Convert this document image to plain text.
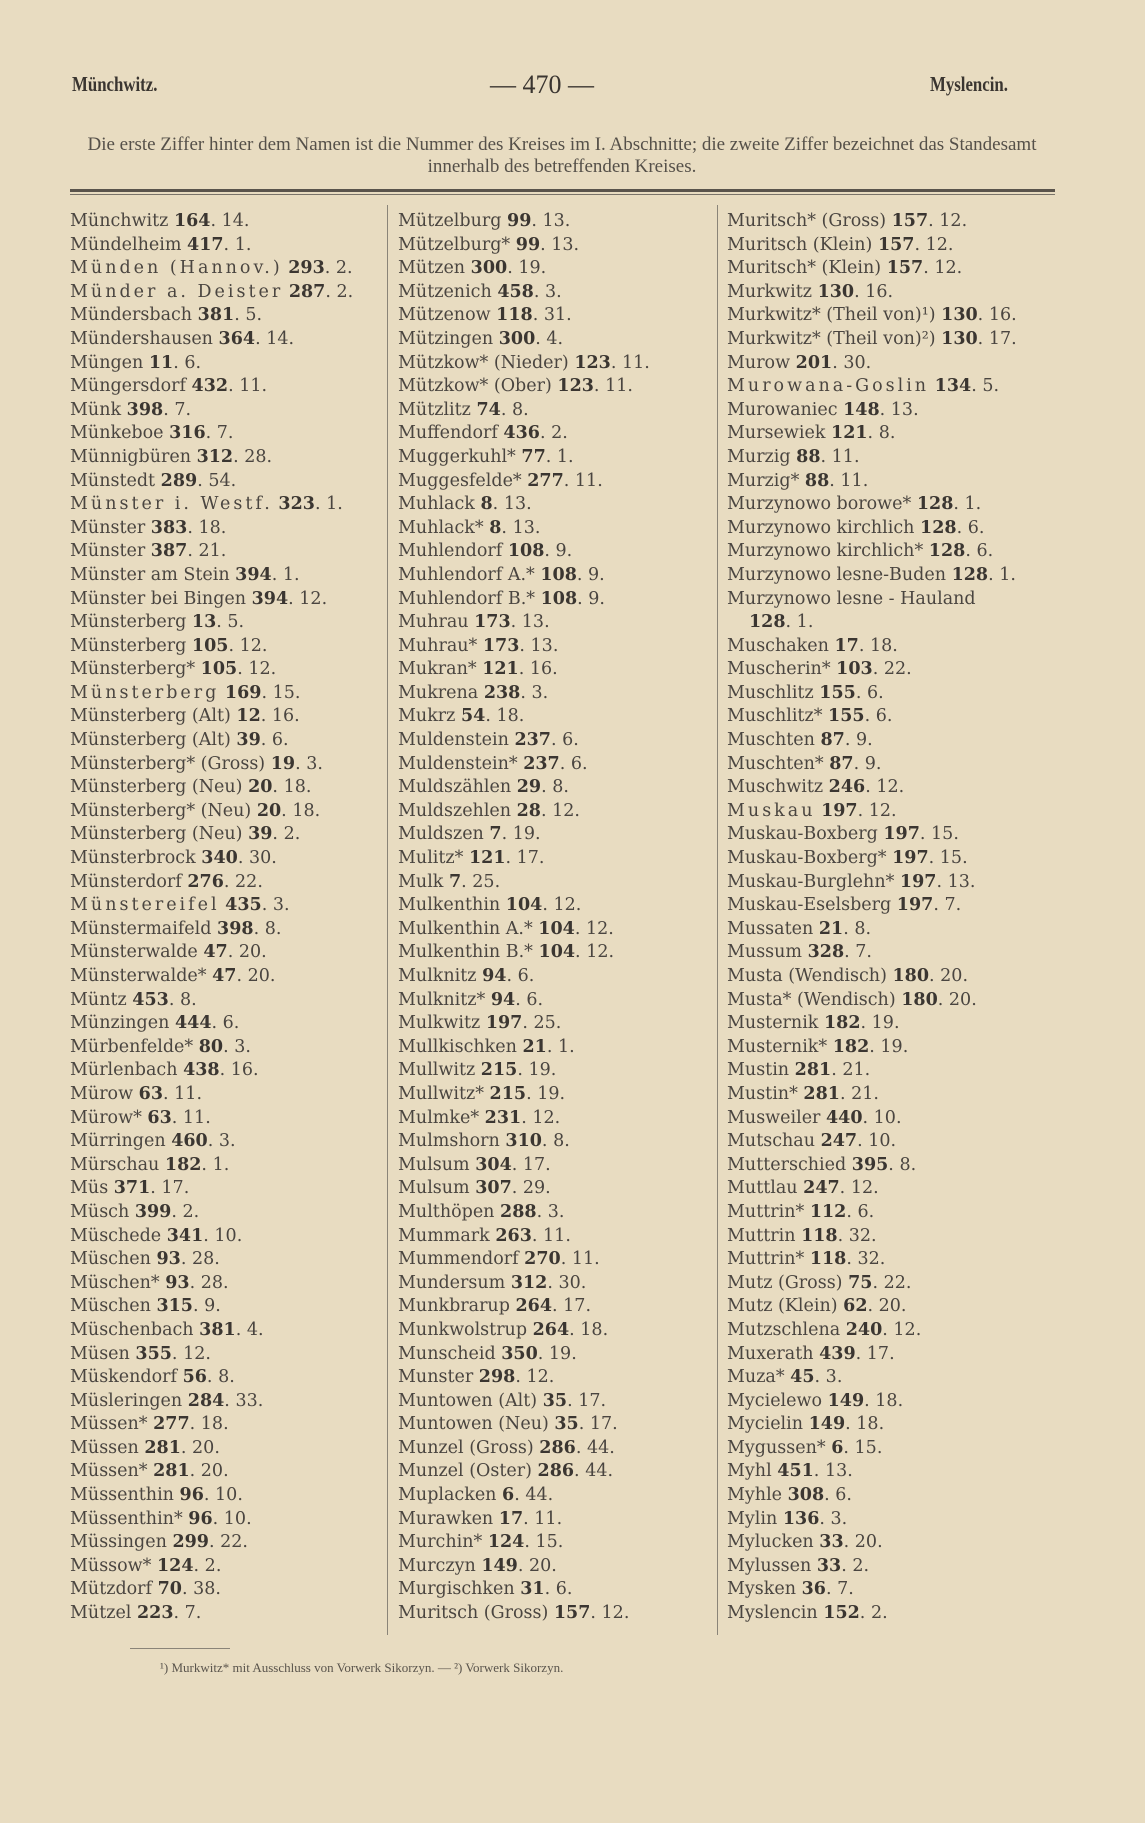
Münchwitz.	— 470 —	Myslencin.
Die erste Ziffer hinter dem Namen ist die Nummer des Kreises im I. Abschnitte; die zweite Ziffer bezeichnet das Standesamt innerhalb des betreffenden Kreises.
Münchwitz 164. 14.
Mündelheim 417. 1.
Münden (Hannov.) 293. 2.
Münder a. Deister 287. 2.
Mündersbach 381. 5.
Mündershausen 364. 14.
Müngen 11. 6.
Müngersdorf 432. 11.
Münk 398. 7.
Münkeboe 316. 7.
Münnigbüren 312. 28.
Münstedt 289. 54.
Münster i. Westf. 323. 1.
Münster 383. 18.
Münster 387. 21.
Münster am Stein 394. 1.
Münster bei Bingen 394. 12.
Münsterberg 13. 5.
Münsterberg 105. 12.
Münsterberg* 105. 12.
Münsterberg 169. 15.
Münsterberg (Alt) 12. 16.
Münsterberg (Alt) 39. 6.
Münsterberg* (Gross) 19. 3.
Münsterberg (Neu) 20. 18.
Münsterberg* (Neu) 20. 18.
Münsterberg (Neu) 39. 2.
Münsterbrock 340. 30.
Münsterdorf 276. 22.
Münstereifel 435. 3.
Münstermaifeld 398. 8.
Münsterwalde 47. 20.
Münsterwalde* 47. 20.
Müntz 453. 8.
Münzingen 444. 6.
Mürbenfelde* 80. 3.
Mürlenbach 438. 16.
Mürow 63. 11.
Mürow* 63. 11.
Mürringen 460. 3.
Mürschau 182. 1.
Müs 371. 17.
Müsch 399. 2.
Müschede 341. 10.
Müschen 93. 28.
Müschen* 93. 28.
Müschen 315. 9.
Müschenbach 381. 4.
Müsen 355. 12.
Müskendorf 56. 8.
Müsleringen 284. 33.
Müssen* 277. 18.
Müssen 281. 20.
Müssen* 281. 20.
Müssenthin 96. 10.
Müssenthin* 96. 10.
Müssingen 299. 22.
Müssow* 124. 2.
Mützdorf 70. 38.
Mützel 223. 7.
Mützelburg 99. 13.
Mützelburg* 99. 13.
Mützen 300. 19.
Mützenich 458. 3.
Mützenow 118. 31.
Mützingen 300. 4.
Mützkow* (Nieder) 123. 11.
Mützkow* (Ober) 123. 11.
Mützlitz 74. 8.
Muffendorf 436. 2.
Muggerkuhl* 77. 1.
Muggesfelde* 277. 11.
Muhlack 8. 13.
Muhlack* 8. 13.
Muhlendorf 108. 9.
Muhlendorf A.* 108. 9.
Muhlendorf B.* 108. 9.
Muhrau 173. 13.
Muhrau* 173. 13.
Mukran* 121. 16.
Mukrena 238. 3.
Mukrz 54. 18.
Muldenstein 237. 6.
Muldenstein* 237. 6.
Muldszählen 29. 8.
Muldszehlen 28. 12.
Muldszen 7. 19.
Mulitz* 121. 17.
Mulk 7. 25.
Mulkenthin 104. 12.
Mulkenthin A.* 104. 12.
Mulkenthin B.* 104. 12.
Mulknitz 94. 6.
Mulknitz* 94. 6.
Mulkwitz 197. 25.
Mullkischken 21. 1.
Mullwitz 215. 19.
Mullwitz* 215. 19.
Mulmke* 231. 12.
Mulmshorn 310. 8.
Mulsum 304. 17.
Mulsum 307. 29.
Multhöpen 288. 3.
Mummark 263. 11.
Mummendorf 270. 11.
Mundersum 312. 30.
Munkbrarup 264. 17.
Munkwolstrup 264. 18.
Munscheid 350. 19.
Munster 298. 12.
Muntowen (Alt) 35. 17.
Muntowen (Neu) 35. 17.
Munzel (Gross) 286. 44.
Munzel (Oster) 286. 44.
Muplacken 6. 44.
Murawken 17. 11.
Murchin* 124. 15.
Murczyn 149. 20.
Murgischken 31. 6.
Muritsch (Gross) 157. 12.
Muritsch* (Gross) 157. 12.
Muritsch (Klein) 157. 12.
Muritsch* (Klein) 157. 12.
Murkwitz 130. 16.
Murkwitz* (Theil von)¹) 130. 16.
Murkwitz* (Theil von)²) 130. 17.
Murow 201. 30.
Murowana-Goslin 134. 5.
Murowaniec 148. 13.
Mursewiek 121. 8.
Murzig 88. 11.
Murzig* 88. 11.
Murzynowo borowe* 128. 1.
Murzynowo kirchlich 128. 6.
Murzynowo kirchlich* 128. 6.
Murzynowo lesne-Buden 128. 1.
Murzynowo lesne - Hauland
128. 1.
Muschaken 17. 18.
Muscherin* 103. 22.
Muschlitz 155. 6.
Muschlitz* 155. 6.
Muschten 87. 9.
Muschten* 87. 9.
Muschwitz 246. 12.
Muskau 197. 12.
Muskau-Boxberg 197. 15.
Muskau-Boxberg* 197. 15.
Muskau-Burglehn* 197. 13.
Muskau-Eselsberg 197. 7.
Mussaten 21. 8.
Mussum 328. 7.
Musta (Wendisch) 180. 20.
Musta* (Wendisch) 180. 20.
Musternik 182. 19.
Musternik* 182. 19.
Mustin 281. 21.
Mustin* 281. 21.
Musweiler 440. 10.
Mutschau 247. 10.
Mutterschied 395. 8.
Muttlau 247. 12.
Muttrin* 112. 6.
Muttrin 118. 32.
Muttrin* 118. 32.
Mutz (Gross) 75. 22.
Mutz (Klein) 62. 20.
Mutzschlena 240. 12.
Muxerath 439. 17.
Muza* 45. 3.
Mycielewo 149. 18.
Mycielin 149. 18.
Mygussen* 6. 15.
Myhl 451. 13.
Myhle 308. 6.
Mylin 136. 3.
Mylucken 33. 20.
Mylussen 33. 2.
Mysken 36. 7.
Myslencin 152. 2.
¹) Murkwitz* mit Ausschluss von Vorwerk Sikorzyn. — ²) Vorwerk Sikorzyn.
